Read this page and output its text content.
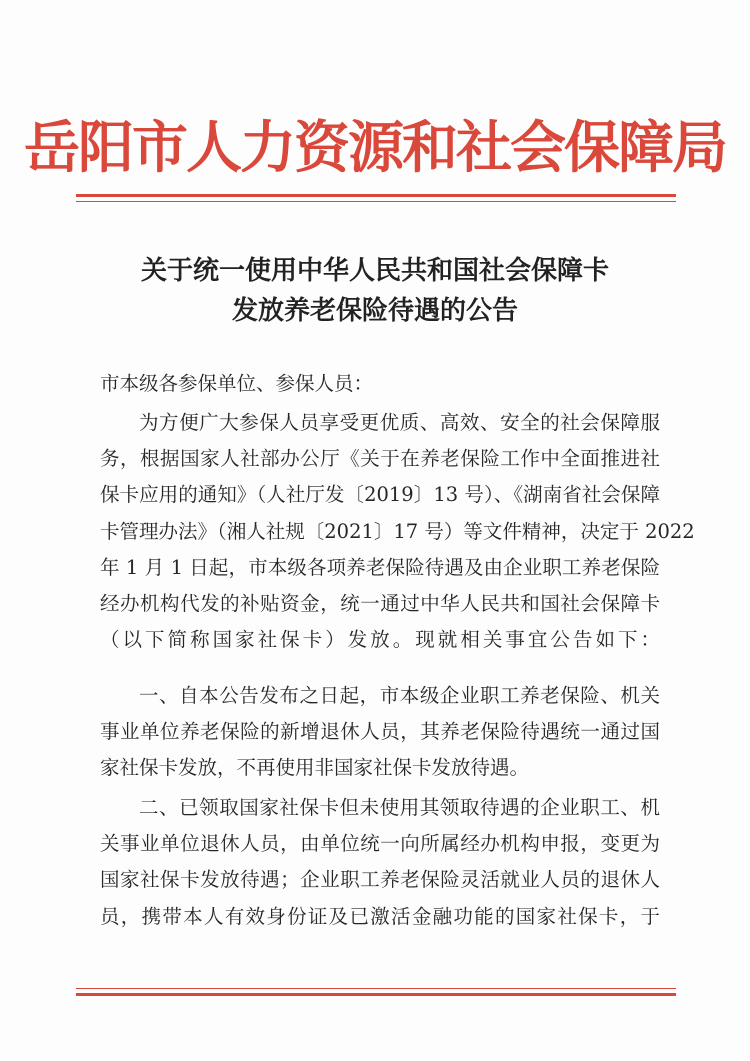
岳阳市人力资源和社会保障局
关于统一使用中华人民共和国社会保障卡
发放养老保险待遇的公告
市本级各参保单位、参保人员：
为方便广大参保人员享受更优质、高效、安全的社会保障服
务，根据国家人社部办公厅《关于在养老保险工作中全面推进社
保卡应用的通知》（人社厅发〔2019〕13 号）、《湖南省社会保障
卡管理办法》（湘人社规〔2021〕17 号）等文件精神，决定于 2022
年 1 月 1 日起，市本级各项养老保险待遇及由企业职工养老保险
经办机构代发的补贴资金，统一通过中华人民共和国社会保障卡
（以下简称国家社保卡）发放。现就相关事宜公告如下：
一、自本公告发布之日起，市本级企业职工养老保险、机关
事业单位养老保险的新增退休人员，其养老保险待遇统一通过国
家社保卡发放，不再使用非国家社保卡发放待遇。
二、已领取国家社保卡但未使用其领取待遇的企业职工、机
关事业单位退休人员，由单位统一向所属经办机构申报，变更为
国家社保卡发放待遇；企业职工养老保险灵活就业人员的退休人
员，携带本人有效身份证及已激活金融功能的国家社保卡，于
